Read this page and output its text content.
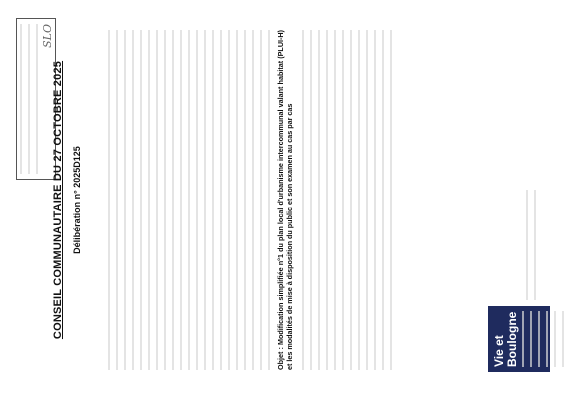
SLO
CONSEIL COMMUNAUTAIRE DU 27 OCTOBRE 2025 Délibération n° 2025D125	Objet : Modification simplifiée n°1 du plan local d'urbanisme intercommunal valant habitat (PLUI-H) et les modalités de mise à disposition du public et son examen au cas par cas	Vie et
Boulogne
